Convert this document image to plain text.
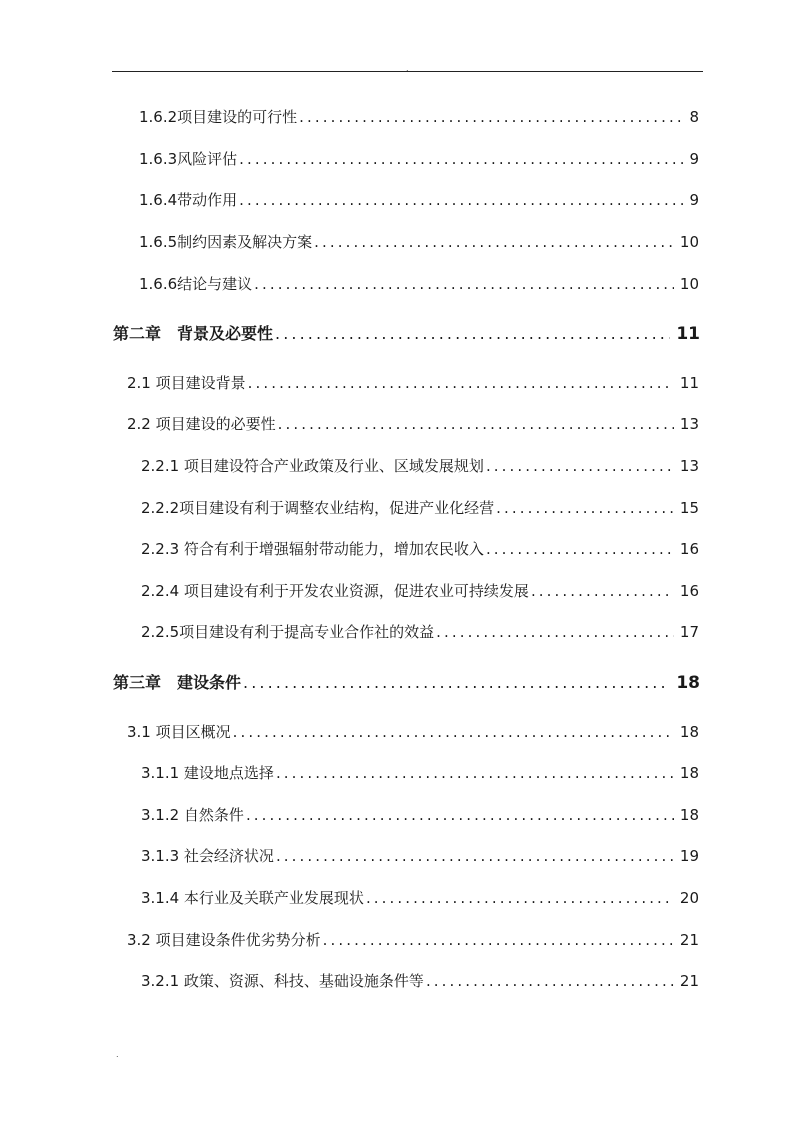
.
1.6.2项目建设的可行性 .....	8
1.6.3风险评估 .....	9
1.6.4带动作用 .....	9
1.6.5制约因素及解决方案 .....	10
1.6.6结论与建议 .....	10
第二章　背景及必要性 .....	11
2.1 项目建设背景 .....	11
2.2 项目建设的必要性 .....	13
2.2.1 项目建设符合产业政策及行业、区域发展规划 .....	13
2.2.2项目建设有利于调整农业结构，促进产业化经营 .....	15
2.2.3 符合有利于增强辐射带动能力，增加农民收入 .....	16
2.2.4 项目建设有利于开发农业资源，促进农业可持续发展 .....	16
2.2.5项目建设有利于提高专业合作社的效益 .....	17
第三章　建设条件 .....	18
3.1 项目区概况 .....	18
3.1.1 建设地点选择 .....	18
3.1.2 自然条件 .....	18
3.1.3 社会经济状况 .....	19
3.1.4 本行业及关联产业发展现状 .....	20
3.2 项目建设条件优劣势分析 .....	21
3.2.1 政策、资源、科技、基础设施条件等 .....	21
.
